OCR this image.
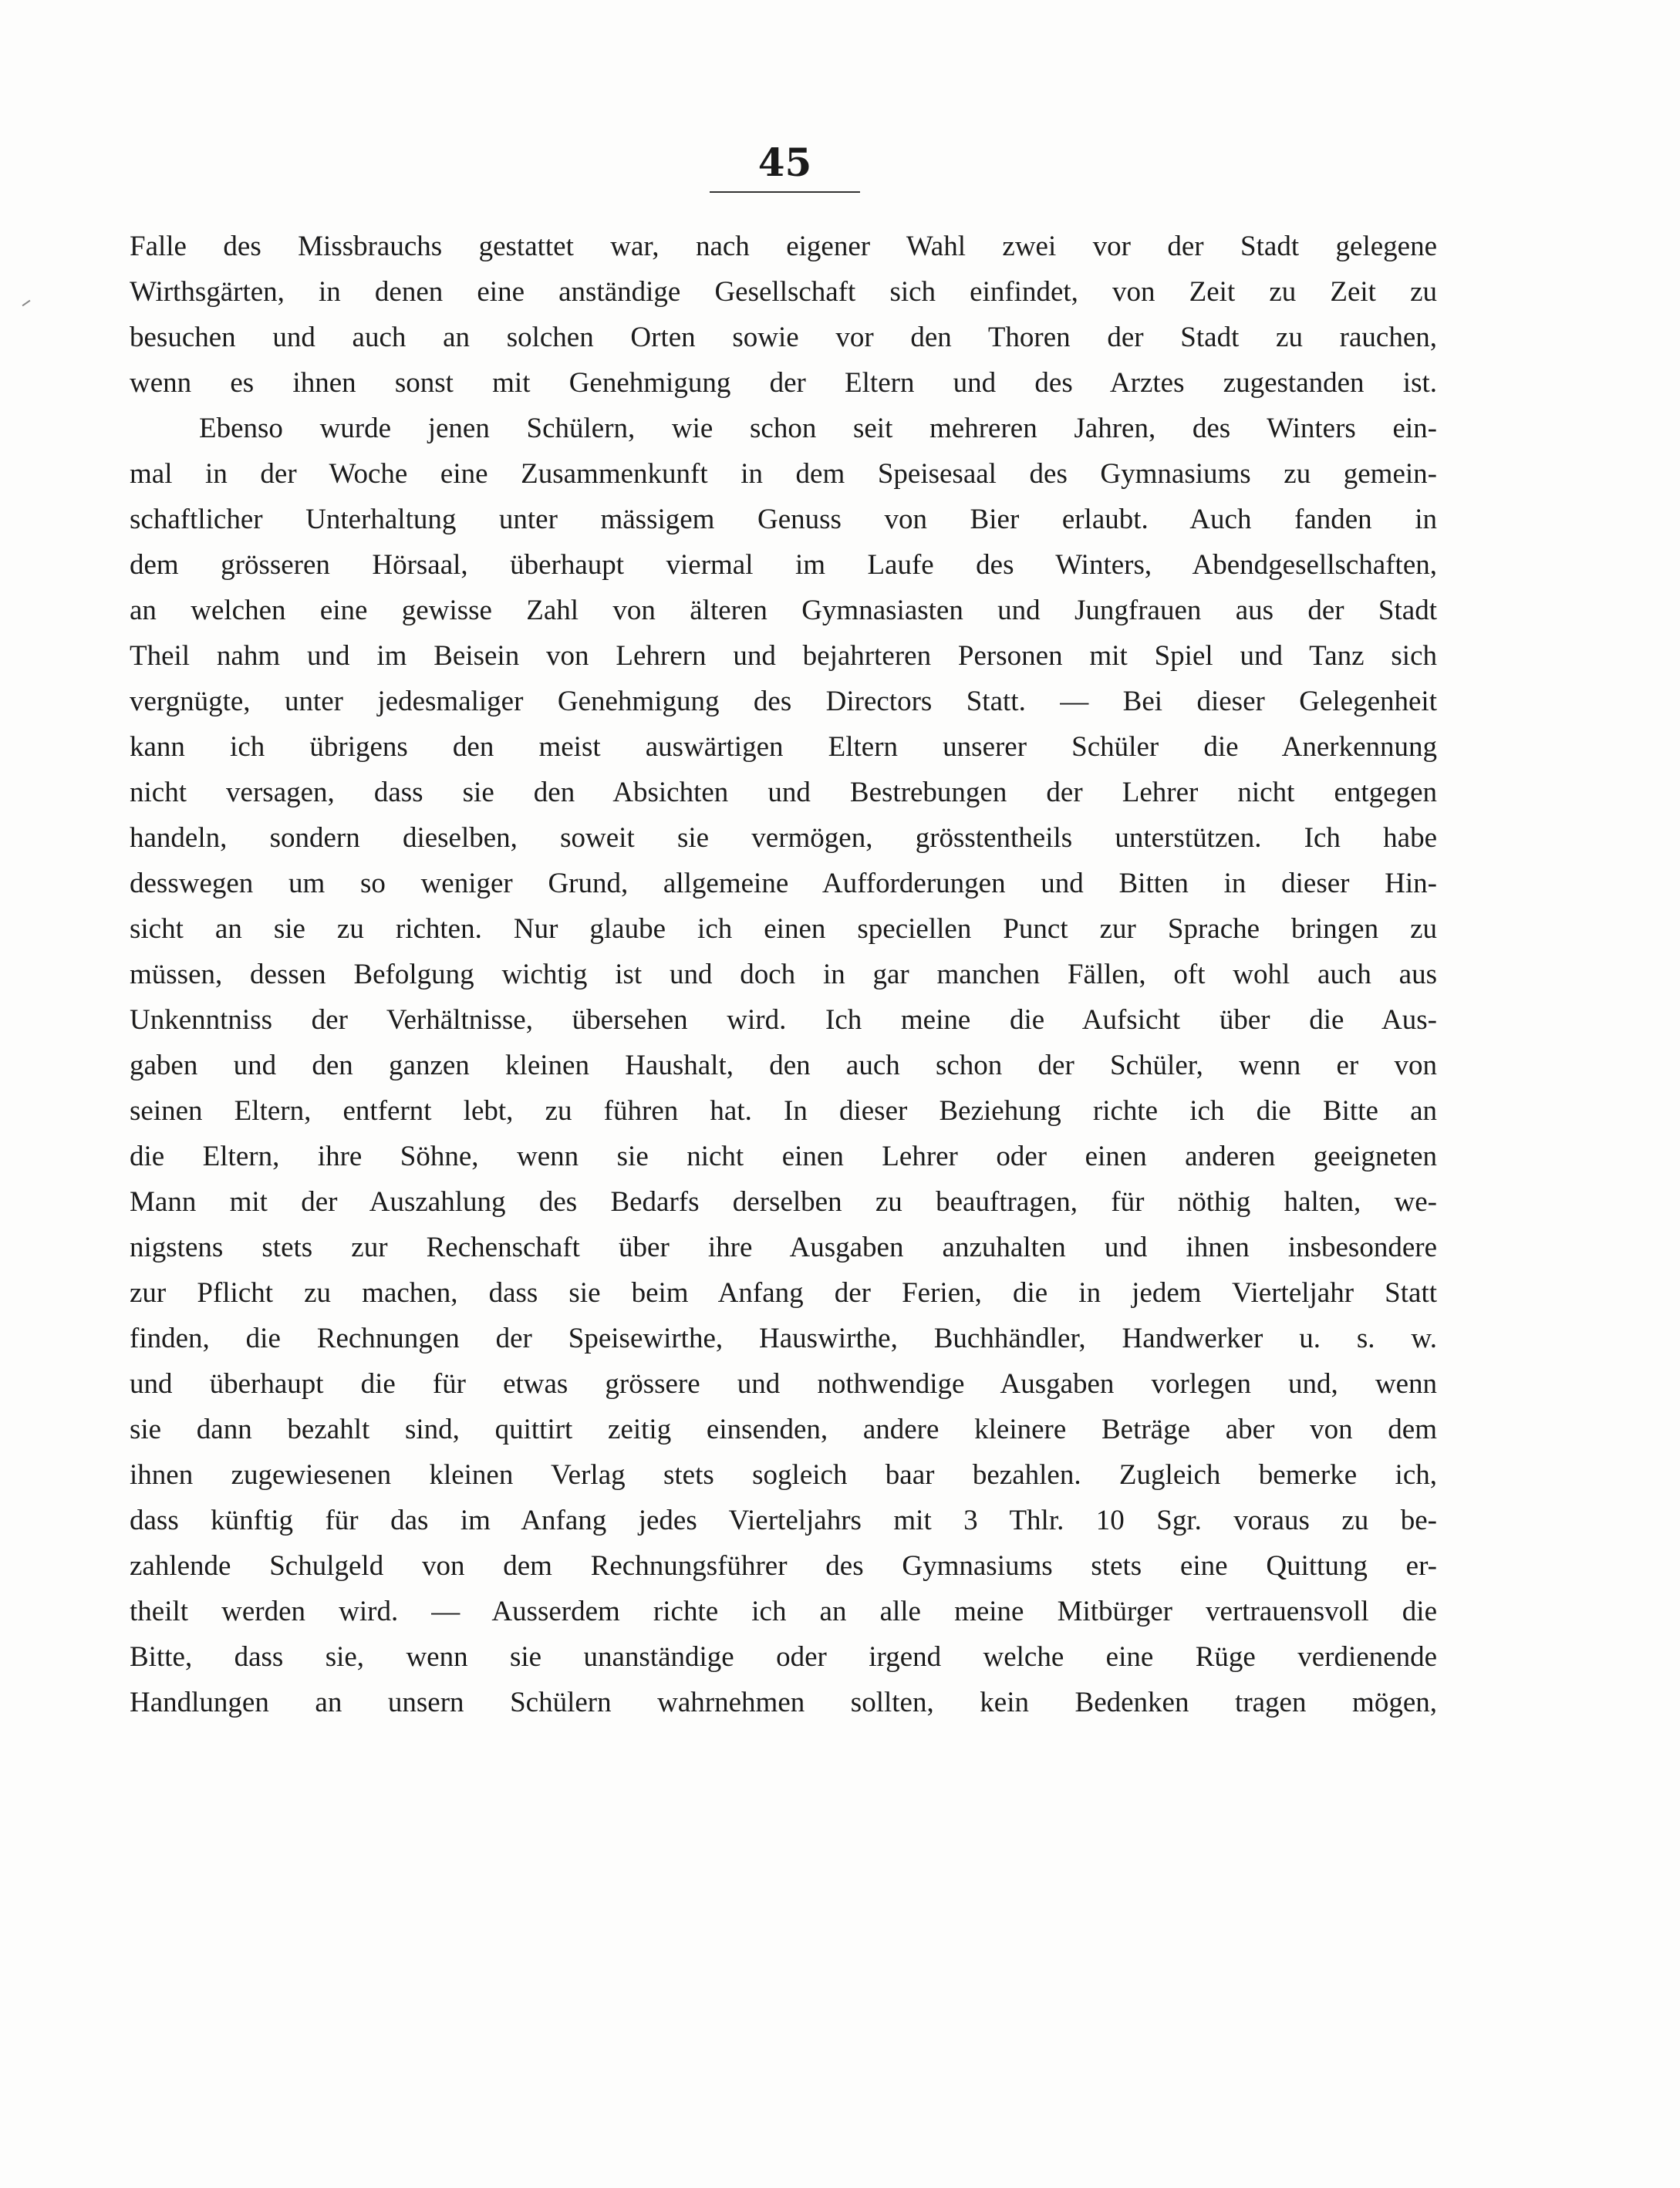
45
Falle des Missbrauchs gestattet war, nach eigener Wahl zwei vor der Stadt gelegene
Wirthsgärten, in denen eine anständige Gesellschaft sich einfindet, von Zeit zu Zeit zu
besuchen und auch an solchen Orten sowie vor den Thoren der Stadt zu rauchen,
wenn es ihnen sonst mit Genehmigung der Eltern und des Arztes zugestanden ist.
Ebenso wurde jenen Schülern, wie schon seit mehreren Jahren, des Winters ein-
mal in der Woche eine Zusammenkunft in dem Speisesaal des Gymnasiums zu gemein-
schaftlicher Unterhaltung unter mässigem Genuss von Bier erlaubt. Auch fanden in
dem grösseren Hörsaal, überhaupt viermal im Laufe des Winters, Abendgesellschaften,
an welchen eine gewisse Zahl von älteren Gymnasiasten und Jungfrauen aus der Stadt
Theil nahm und im Beisein von Lehrern und bejahrteren Personen mit Spiel und Tanz sich
vergnügte, unter jedesmaliger Genehmigung des Directors Statt. — Bei dieser Gelegenheit
kann ich übrigens den meist auswärtigen Eltern unserer Schüler die Anerkennung
nicht versagen, dass sie den Absichten und Bestrebungen der Lehrer nicht entgegen
handeln, sondern dieselben, soweit sie vermögen, grösstentheils unterstützen. Ich habe
desswegen um so weniger Grund, allgemeine Aufforderungen und Bitten in dieser Hin-
sicht an sie zu richten. Nur glaube ich einen speciellen Punct zur Sprache bringen zu
müssen, dessen Befolgung wichtig ist und doch in gar manchen Fällen, oft wohl auch aus
Unkenntniss der Verhältnisse, übersehen wird. Ich meine die Aufsicht über die Aus-
gaben und den ganzen kleinen Haushalt, den auch schon der Schüler, wenn er von
seinen Eltern, entfernt lebt, zu führen hat. In dieser Beziehung richte ich die Bitte an
die Eltern, ihre Söhne, wenn sie nicht einen Lehrer oder einen anderen geeigneten
Mann mit der Auszahlung des Bedarfs derselben zu beauftragen, für nöthig halten, we-
nigstens stets zur Rechenschaft über ihre Ausgaben anzuhalten und ihnen insbesondere
zur Pflicht zu machen, dass sie beim Anfang der Ferien, die in jedem Vierteljahr Statt
finden, die Rechnungen der Speisewirthe, Hauswirthe, Buchhändler, Handwerker u. s. w.
und überhaupt die für etwas grössere und nothwendige Ausgaben vorlegen und, wenn
sie dann bezahlt sind, quittirt zeitig einsenden, andere kleinere Beträge aber von dem
ihnen zugewiesenen kleinen Verlag stets sogleich baar bezahlen. Zugleich bemerke ich,
dass künftig für das im Anfang jedes Vierteljahrs mit 3 Thlr. 10 Sgr. voraus zu be-
zahlende Schulgeld von dem Rechnungsführer des Gymnasiums stets eine Quittung er-
theilt werden wird. — Ausserdem richte ich an alle meine Mitbürger vertrauensvoll die
Bitte, dass sie, wenn sie unanständige oder irgend welche eine Rüge verdienende
Handlungen an unsern Schülern wahrnehmen sollten, kein Bedenken tragen mögen,
